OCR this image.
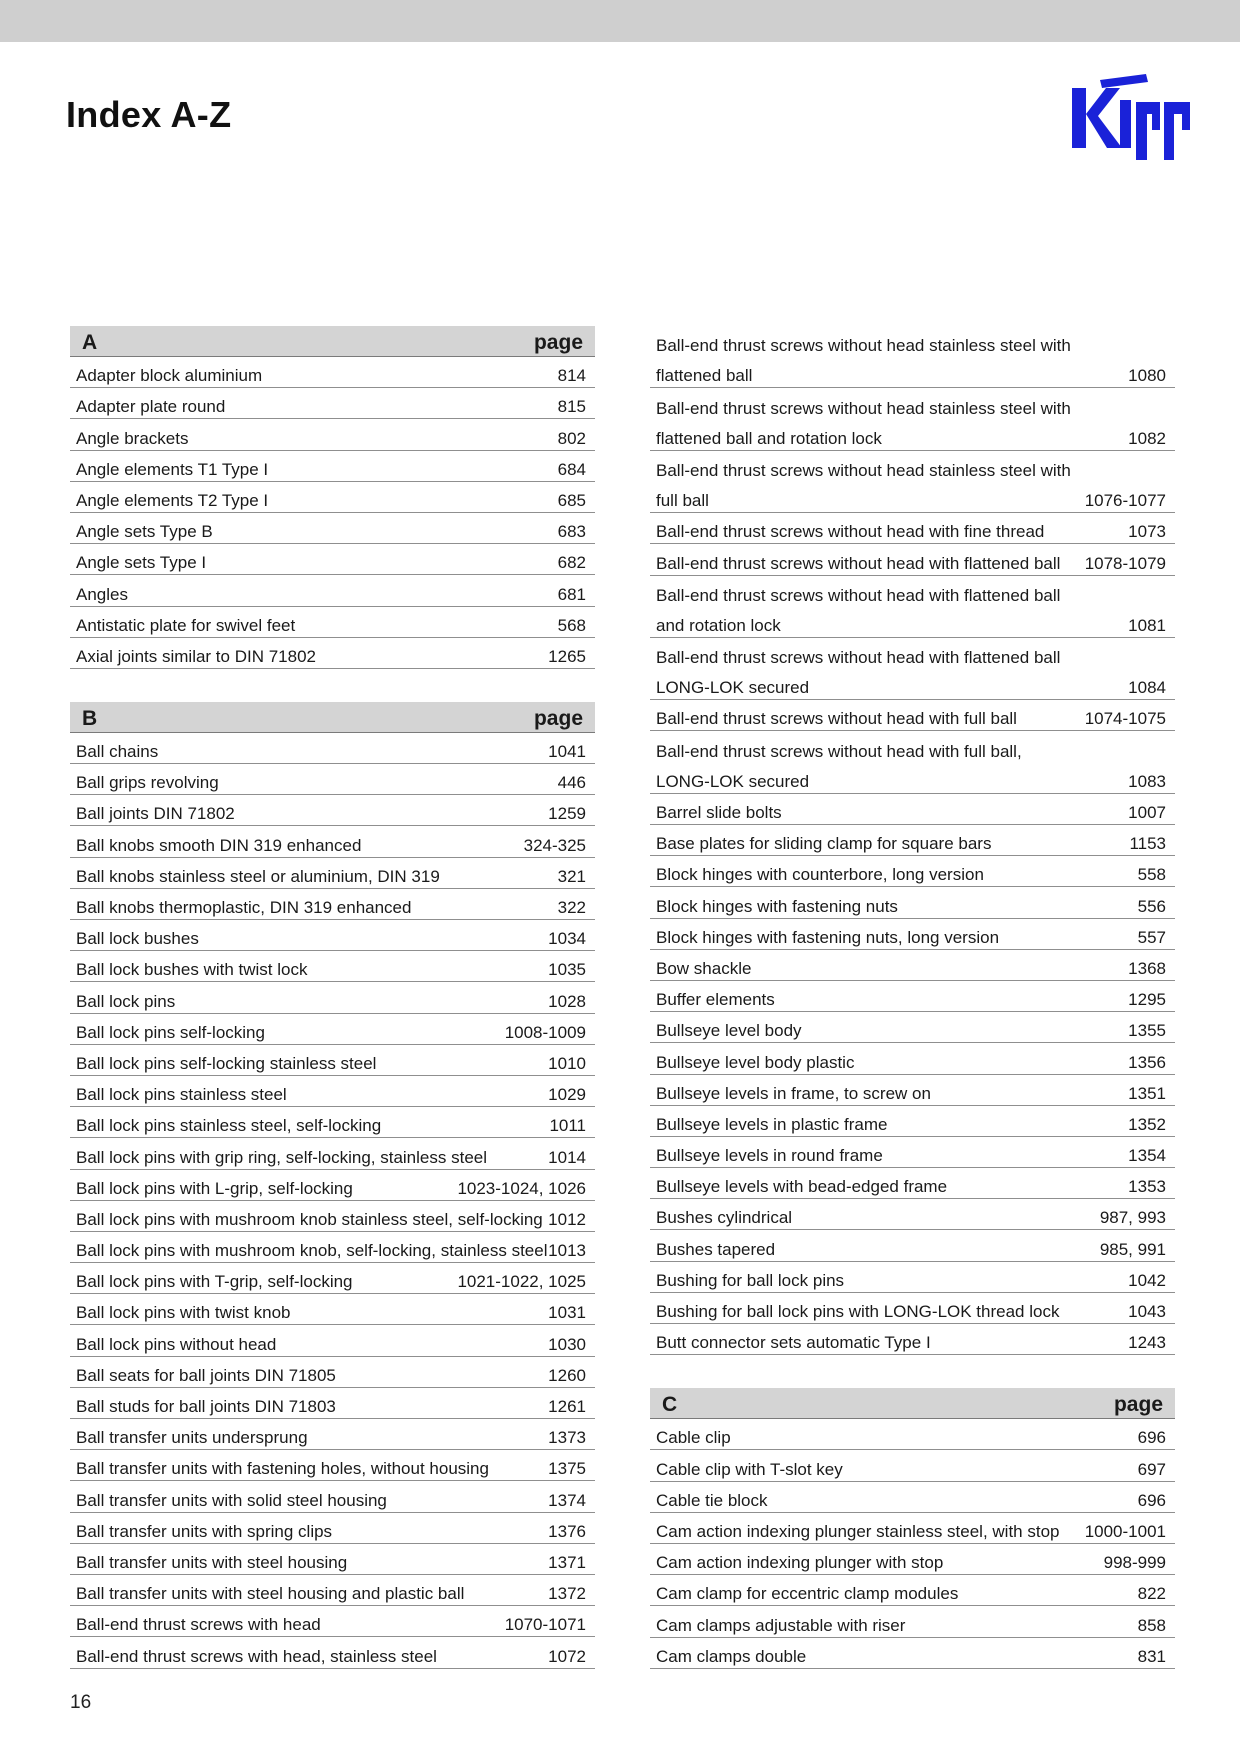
Index A-Z
A	page
Adapter block aluminium	814
Adapter plate round	815
Angle brackets	802
Angle elements T1 Type I	684
Angle elements T2 Type I	685
Angle sets Type B	683
Angle sets Type I	682
Angles	681
Antistatic plate for swivel feet	568
Axial joints similar to DIN 71802	1265
B	page
Ball chains	1041
Ball grips revolving	446
Ball joints DIN 71802	1259
Ball knobs smooth DIN 319 enhanced	324-325
Ball knobs stainless steel or aluminium, DIN 319	321
Ball knobs thermoplastic, DIN 319 enhanced	322
Ball lock bushes	1034
Ball lock bushes with twist lock	1035
Ball lock pins	1028
Ball lock pins self-locking	1008-1009
Ball lock pins self-locking stainless steel	1010
Ball lock pins stainless steel	1029
Ball lock pins stainless steel, self-locking	1011
Ball lock pins with grip ring, self-locking, stainless steel	1014
Ball lock pins with L-grip, self-locking	1023-1024, 1026
Ball lock pins with mushroom knob stainless steel, self-locking 1012
Ball lock pins with mushroom knob, self-locking, stainless steel 1013
Ball lock pins with T-grip, self-locking	1021-1022, 1025
Ball lock pins with twist knob	1031
Ball lock pins without head	1030
Ball seats for ball joints DIN 71805	1260
Ball studs for ball joints DIN 71803	1261
Ball transfer units undersprung	1373
Ball transfer units with fastening holes, without housing	1375
Ball transfer units with solid steel housing	1374
Ball transfer units with spring clips	1376
Ball transfer units with steel housing	1371
Ball transfer units with steel housing and plastic ball	1372
Ball-end thrust screws with head	1070-1071
Ball-end thrust screws with head, stainless steel	1072
Ball-end thrust screws without head stainless steel with
flattened ball	1080
Ball-end thrust screws without head stainless steel with
flattened ball and rotation lock	1082
Ball-end thrust screws without head stainless steel with
full ball	1076-1077
Ball-end thrust screws without head with fine thread	1073
Ball-end thrust screws without head with flattened ball 1078-1079
Ball-end thrust screws without head with flattened ball
and rotation lock	1081
Ball-end thrust screws without head with flattened ball
LONG-LOK secured	1084
Ball-end thrust screws without head with full ball	1074-1075
Ball-end thrust screws without head with full ball,
LONG-LOK secured	1083
Barrel slide bolts	1007
Base plates for sliding clamp for square bars	1153
Block hinges with counterbore, long version	558
Block hinges with fastening nuts	556
Block hinges with fastening nuts, long version	557
Bow shackle	1368
Buffer elements	1295
Bullseye level body	1355
Bullseye level body plastic	1356
Bullseye levels in frame, to screw on	1351
Bullseye levels in plastic frame	1352
Bullseye levels in round frame	1354
Bullseye levels with bead-edged frame	1353
Bushes cylindrical	987, 993
Bushes tapered	985, 991
Bushing for ball lock pins	1042
Bushing for ball lock pins with LONG-LOK thread lock	1043
Butt connector sets automatic Type I	1243
C	page
Cable clip	696
Cable clip with T-slot key	697
Cable tie block	696
Cam action indexing plunger stainless steel, with stop 1000-1001
Cam action indexing plunger with stop	998-999
Cam clamp for eccentric clamp modules	822
Cam clamps adjustable with riser	858
Cam clamps double	831
16
